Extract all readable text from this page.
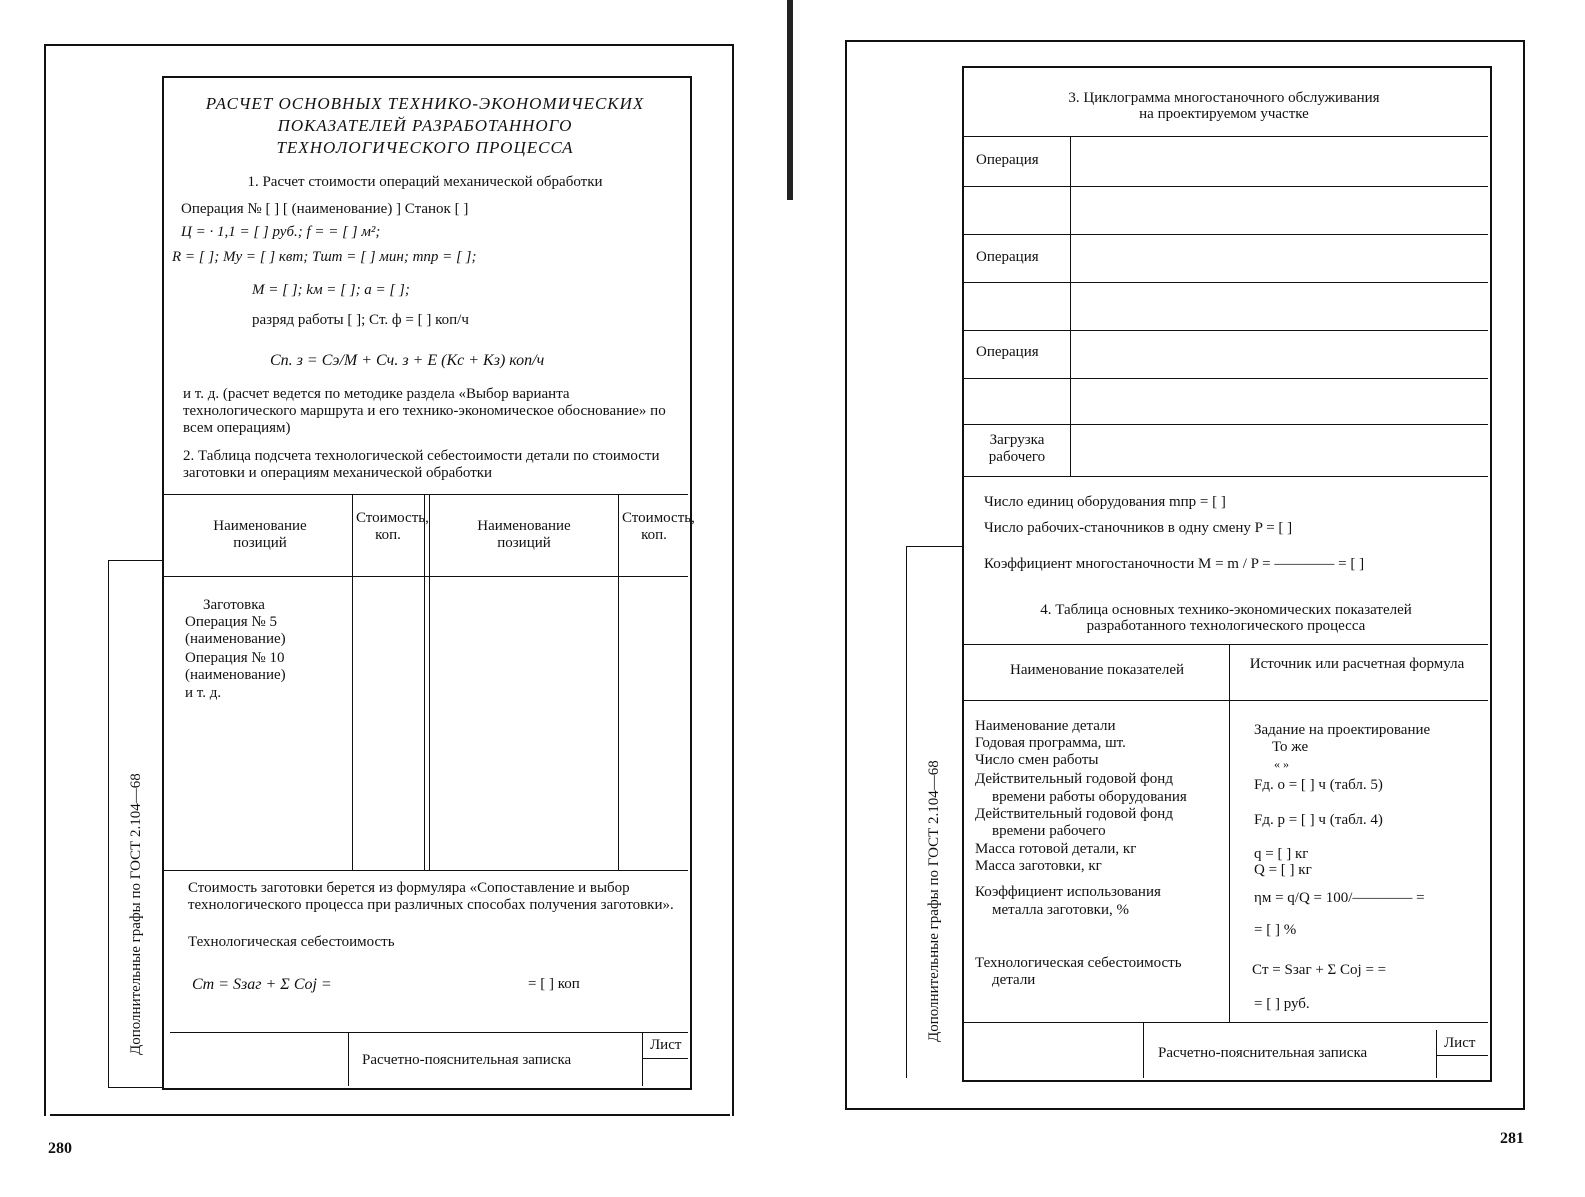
Дополнительные графы по ГОСТ 2.104—68
РАСЧЕТ ОСНОВНЫХ ТЕХНИКО-ЭКОНОМИЧЕСКИХ
ПОКАЗАТЕЛЕЙ РАЗРАБОТАННОГО
ТЕХНОЛОГИЧЕСКОГО ПРОЦЕССА
1. Расчет стоимости операций механической обработки
Операция № [ ] [ (наименование) ] Станок [ ]
Ц = · 1,1 = [ ] руб.; f = = [ ] м²;
R = [ ]; Mу = [ ] квт; Tшт = [ ] мин; mпр = [ ];
M = [ ]; kм = [ ]; a = [ ];
разряд работы [ ]; Cт. ф = [ ] коп/ч
Cп. з = Cэ/M + Cч. з + E (Kс + Kз) коп/ч
и т. д. (расчет ведется по методике раздела «Выбор варианта технологического маршрута и его технико-экономическое обоснование» по всем операциям)
2. Таблица подсчета технологической себестоимости детали по стоимости заготовки и операциям механической обработки
Наименование позиций
Стоимость, коп.
Наименование позиций
Стоимость, коп.
Заготовка
Операция № 5
(наименование)
Операция № 10
(наименование)
и т. д.
Стоимость заготовки берется из формуляра «Сопоставление и выбор технологического процесса при различных способах получения заготовки».
Технологическая себестоимость
Cт = Sзаг + Σ Coj =	= [ ] коп
Расчетно-пояснительная записка
Лист
280
Дополнительные графы по ГОСТ 2.104—68
3. Циклограмма многостаночного обслуживания
на проектируемом участке
Операция
Операция
Операция
Загрузка рабочего
Число единиц оборудования mпр = [ ]
Число рабочих-станочников в одну смену P = [ ]
Коэффициент многостаночности M = m / P = ―――― = [ ]
4. Таблица основных технико-экономических показателей
разработанного технологического процесса
Наименование показателей	Источник или расчетная формула
Наименование детали
Годовая программа, шт.
Число смен работы
Действительный годовой фонд
времени работы оборудования
Действительный годовой фонд
времени рабочего
Масса готовой детали, кг
Масса заготовки, кг
Коэффициент использования
металла заготовки, %
Технологическая себестоимость
детали
Задание на проектирование
То же
« »
Fд. о = [ ] ч (табл. 5)
Fд. р = [ ] ч (табл. 4)
q = [ ] кг
Q = [ ] кг
ηм = q/Q = 100/―――― =
= [ ] %
Cт = Sзаг + Σ Coj = =
= [ ] руб.
Расчетно-пояснительная записка
Лист
281
